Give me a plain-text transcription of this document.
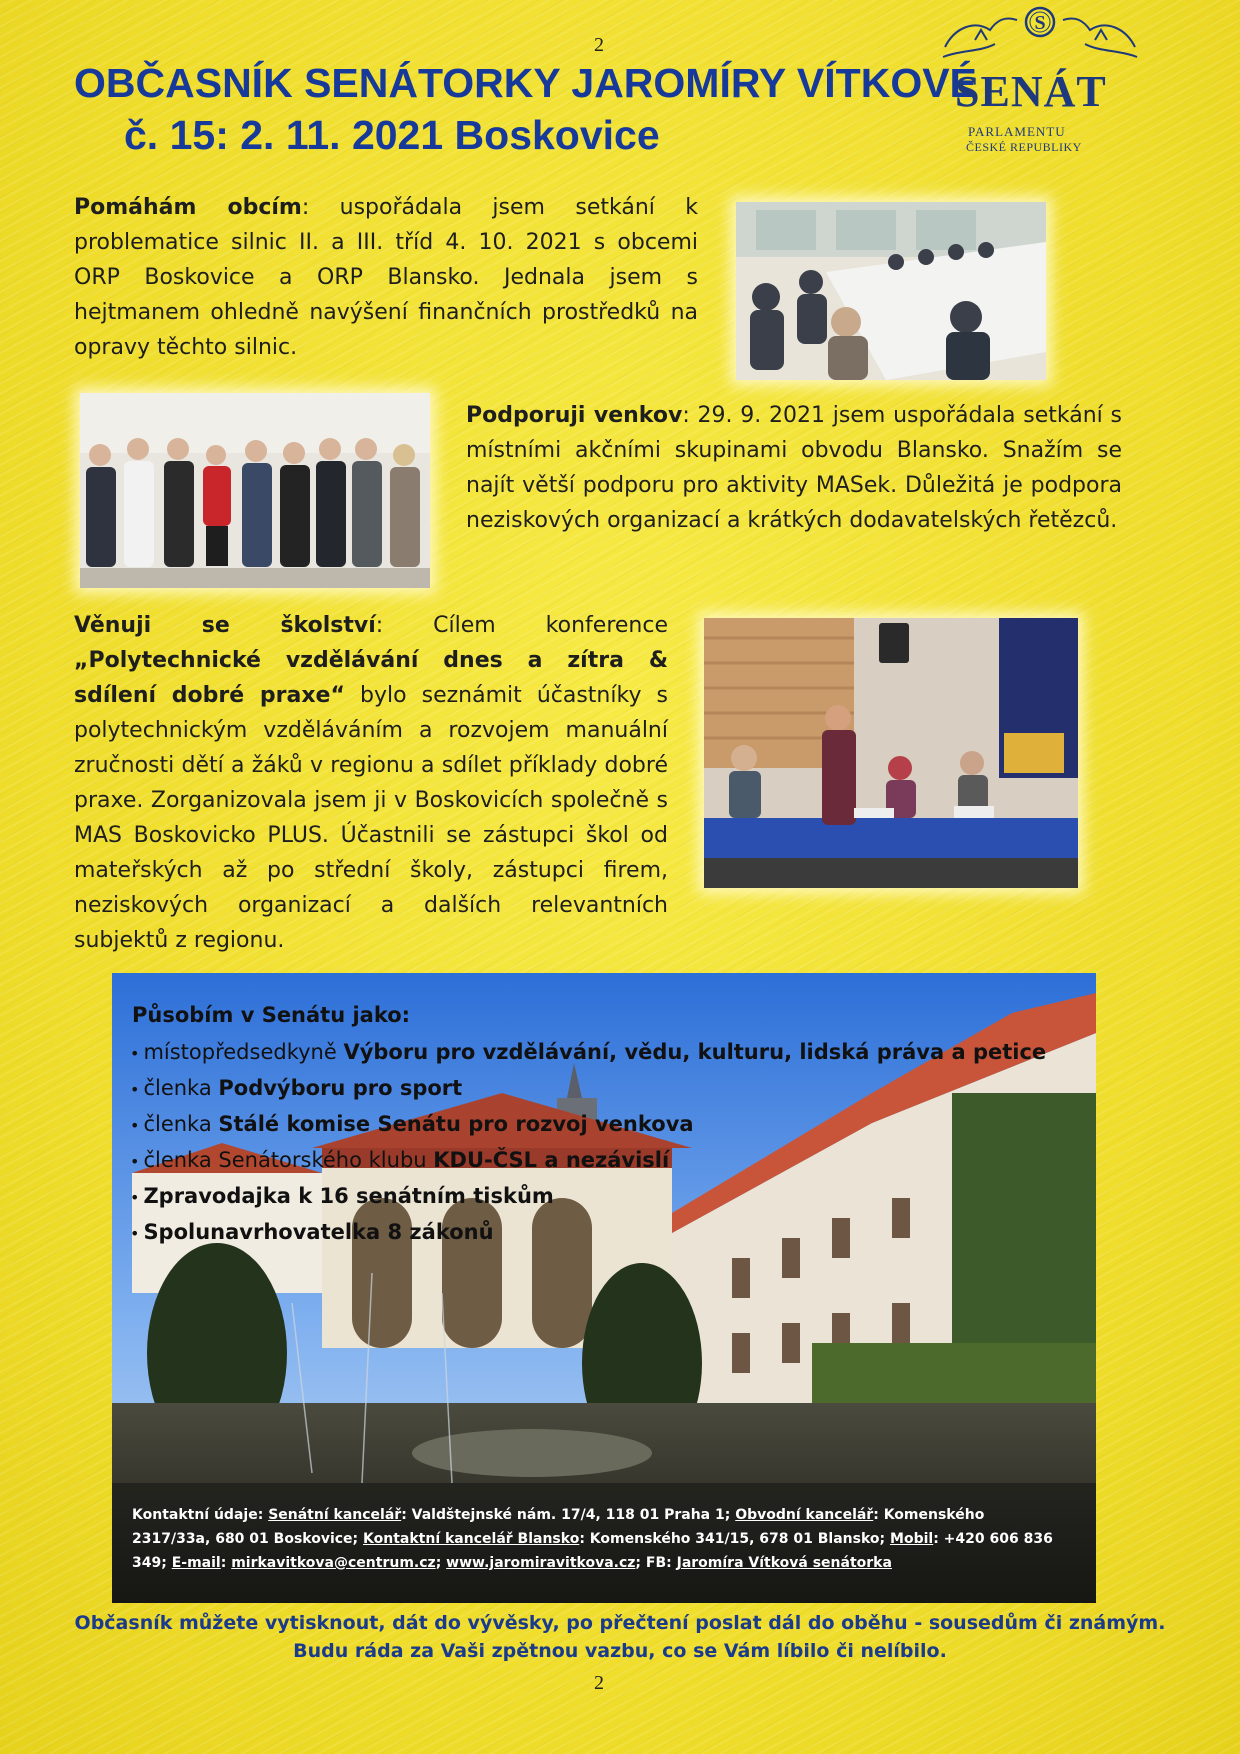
2
2
OBČASNÍK SENÁTORKY JAROMÍRY VÍTKOVÉ
č. 15: 2. 11. 2021 Boskovice
S
SENÁT
PARLAMENTU
ČESKÉ REPUBLIKY
Pomáhám obcím: uspořádala jsem setkání k problematice silnic II. a III. tříd 4. 10. 2021 s obcemi ORP Boskovice a ORP Blansko. Jednala jsem s hejtmanem ohledně navýšení finančních prostředků na opravy těchto silnic.
Podporuji venkov: 29. 9. 2021 jsem uspořádala setkání s místními akčními skupinami obvodu Blansko. Snažím se najít větší podporu pro aktivity MASek. Důležitá je podpora neziskových organizací a krátkých dodavatelských řetězců.
Věnuji se školství: Cílem konference „Polytechnické vzdělávání dnes a zítra & sdílení dobré praxe“ bylo seznámit účastníky s polytechnickým vzděláváním a rozvojem manuální zručnosti dětí a žáků v regionu a sdílet příklady dobré praxe. Zorganizovala jsem ji v Boskovicích společně s MAS Boskovicko PLUS. Účastnili se zástupci škol od mateřských až po střední školy, zástupci firem, neziskových organizací a dalších relevantních subjektů z regionu.
Působím v Senátu jako:
• místopředsedkyně Výboru pro vzdělávání, vědu, kulturu, lidská práva a petice
• členka Podvýboru pro sport
• členka Stálé komise Senátu pro rozvoj venkova
• členka Senátorského klubu KDU-ČSL a nezávislí
• Zpravodajka k 16 senátním tiskům
• Spolunavrhovatelka 8 zákonů
Kontaktní údaje: Senátní kancelář: Valdštejnské nám. 17/4, 118 01 Praha 1; Obvodní kancelář: Komenského 2317/33a, 680 01 Boskovice; Kontaktní kancelář Blansko: Komenského 341/15, 678 01 Blansko; Mobil: +420 606 836 349; E-mail: mirkavitkova@centrum.cz; www.jaromiravitkova.cz; FB: Jaromíra Vítková senátorka
Občasník můžete vytisknout, dát do vývěsky, po přečtení poslat dál do oběhu - sousedům či známým. Budu ráda za Vaši zpětnou vazbu, co se Vám líbilo či nelíbilo.
